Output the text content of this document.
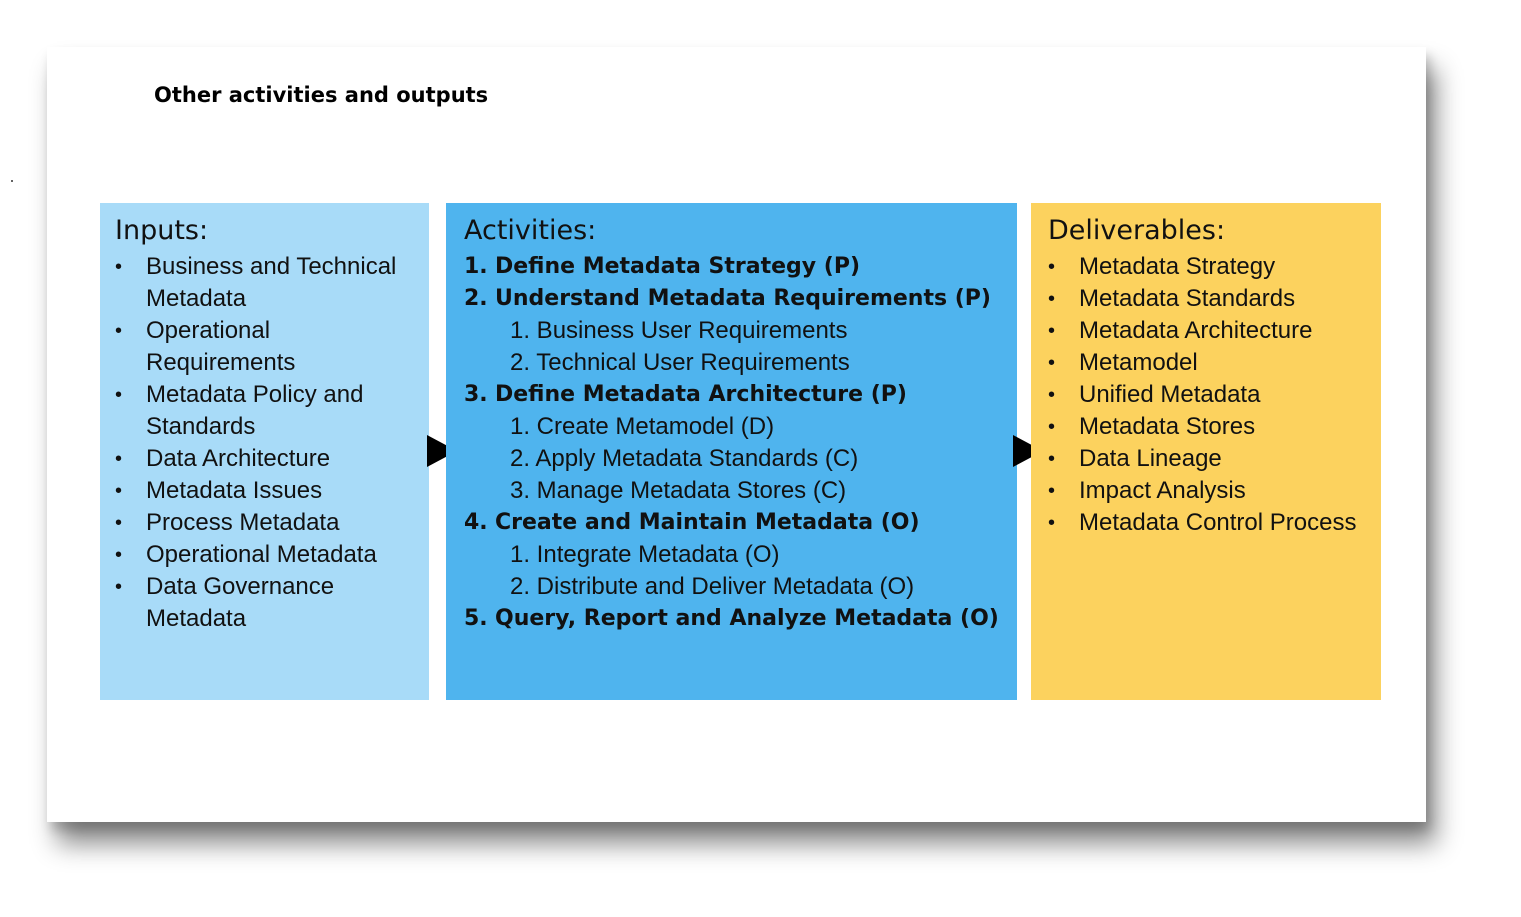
Other activities and outputs
Inputs:
• Business and Technical Metadata
• Operational Requirements
• Metadata Policy and Standards
• Data Architecture
• Metadata Issues
• Process Metadata
• Operational Metadata
• Data Governance Metadata
Activities:
1. Define Metadata Strategy (P)
2. Understand Metadata Requirements (P)
1. Business User Requirements
2. Technical User Requirements
3. Define Metadata Architecture (P)
1. Create Metamodel (D)
2. Apply Metadata Standards (C)
3. Manage Metadata Stores (C)
4. Create and Maintain Metadata (O)
1. Integrate Metadata (O)
2. Distribute and Deliver Metadata (O)
5. Query, Report and Analyze Metadata (O)
Deliverables:
• Metadata Strategy
• Metadata Standards
• Metadata Architecture
• Metamodel
• Unified Metadata
• Metadata Stores
• Data Lineage
• Impact Analysis
• Metadata Control Process
